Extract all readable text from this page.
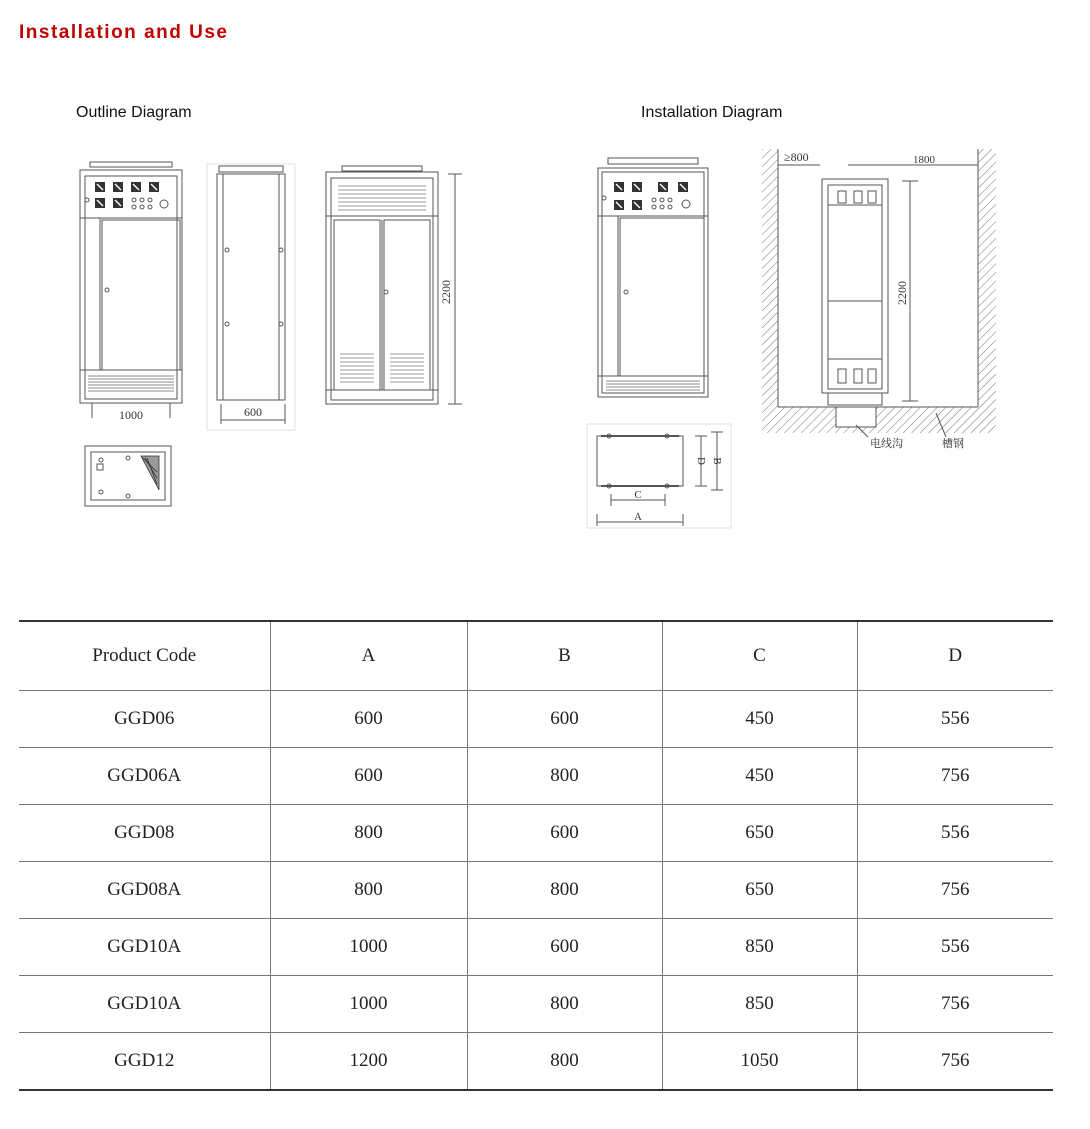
Installation and Use
Outline Diagram	Installation Diagram
1000	600
2200
≥800	1800
2200
电线沟	槽钢
C
A
D B
Product Code	A	B	C	D
GGD06	600	600	450	556
GGD06A	600	800	450	756
GGD08	800	600	650	556
GGD08A	800	800	650	756
GGD10A	1000	600	850	556
GGD10A	1000	800	850	756
GGD12	1200	800	1050	756
